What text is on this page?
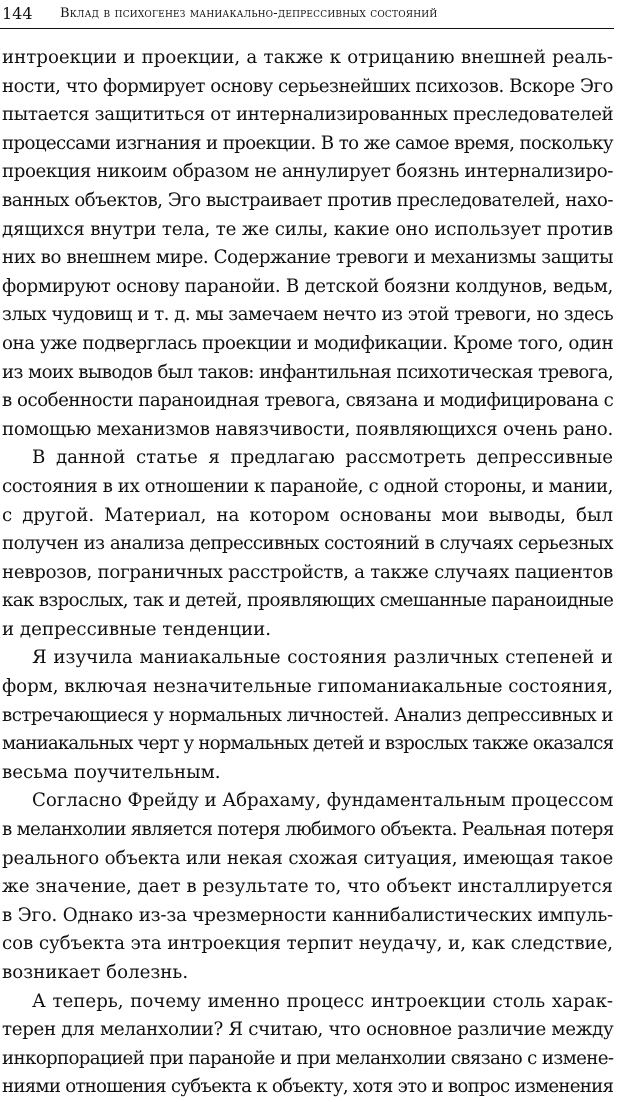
144 Вклад в психогенез маниакально-депрессивных состояний
интроекции и проекции, а также к отрицанию внешней реаль-
ности, что формирует основу серьезнейших психозов. Вскоре Эго
пытается защититься от интернализированных преследователей
процессами изгнания и проекции. В то же самое время, поскольку
проекция никоим образом не аннулирует боязнь интернализиро-
ванных объектов, Эго выстраивает против преследователей, нахо-
дящихся внутри тела, те же силы, какие оно использует против
них во внешнем мире. Содержание тревоги и механизмы защиты
формируют основу паранойи. В детской боязни колдунов, ведьм,
злых чудовищ и т. д. мы замечаем нечто из этой тревоги, но здесь
она уже подверглась проекции и модификации. Кроме того, один
из моих выводов был таков: инфантильная психотическая тревога,
в особенности параноидная тревога, связана и модифицирована с
помощью механизмов навязчивости, появляющихся очень рано.
В данной статье я предлагаю рассмотреть депрессивные
состояния в их отношении к паранойе, с одной стороны, и мании,
с другой. Материал, на котором основаны мои выводы, был
получен из анализа депрессивных состояний в случаях серьезных
неврозов, пограничных расстройств, а также случаях пациентов
как взрослых, так и детей, проявляющих смешанные параноидные
и депрессивные тенденции.
Я изучила маниакальные состояния различных степеней и
форм, включая незначительные гипоманиакальные состояния,
встречающиеся у нормальных личностей. Анализ депрессивных и
маниакальных черт у нормальных детей и взрослых также оказался
весьма поучительным.
Согласно Фрейду и Абрахаму, фундаментальным процессом
в меланхолии является потеря любимого объекта. Реальная потеря
реального объекта или некая схожая ситуация, имеющая такое
же значение, дает в результате то, что объект инсталлируется
в Эго. Однако из-за чрезмерности каннибалистических импуль-
сов субъекта эта интроекция терпит неудачу, и, как следствие,
возникает болезнь.
А теперь, почему именно процесс интроекции столь харак-
терен для меланхолии? Я считаю, что основное различие между
инкорпорацией при паранойе и при меланхолии связано с измене-
ниями отношения субъекта к объекту, хотя это и вопрос изменения
